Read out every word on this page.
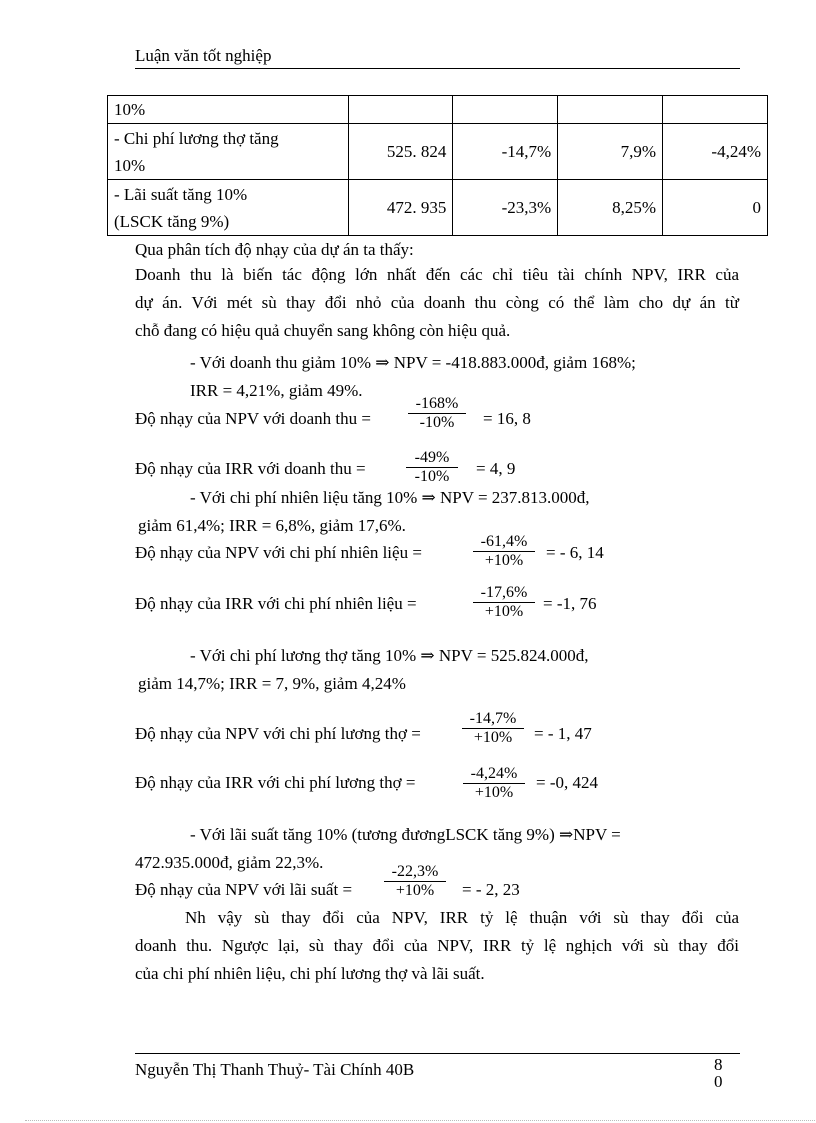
Luận văn tốt nghiệp
10%				
- Chi phí lương thợ tăng
10%	525. 824	-14,7%	7,9%	-4,24%
- Lãi suất tăng 10%
(LSCK tăng 9%)	472. 935	-23,3%	8,25%	0
Qua phân tích độ nhạy của dự án ta thấy:
Doanh thu là biến tác động lớn nhất đến các chỉ tiêu tài chính NPV, IRR của
dự án. Với mét sù thay đổi nhỏ của doanh thu còng có thể làm cho dự án từ
chỗ đang có hiệu quả chuyển sang không còn hiệu quả.
- Với doanh thu giảm 10% ⇒ NPV = -418.883.000đ, giảm 168%;
IRR = 4,21%, giảm 49%.
Độ nhạy của NPV với doanh thu =
-168%
-10%	= 16, 8
Độ nhạy của IRR với doanh thu =
-49%
-10%	= 4, 9
- Với chi phí nhiên liệu tăng 10% ⇒ NPV = 237.813.000đ,
giảm 61,4%; IRR = 6,8%, giảm 17,6%.
Độ nhạy của NPV với chi phí nhiên liệu =
-61,4%
+10%	= - 6, 14
Độ nhạy của IRR với chi phí nhiên liệu =
-17,6%
+10%	= -1, 76
- Với chi phí lương thợ tăng 10% ⇒ NPV = 525.824.000đ,
giảm 14,7%; IRR = 7, 9%, giảm 4,24%
Độ nhạy của NPV với chi phí lương thợ =
-14,7%
+10%	= - 1, 47
Độ nhạy của IRR với chi phí lương thợ =	-4,24%
+10%
= -0, 424
- Với lãi suất tăng 10% (tương đươngLSCK tăng 9%) ⇒NPV =
472.935.000đ, giảm 22,3%.
Độ nhạy của NPV với lãi suất =
-22,3%
+10%	= - 2, 23
Nh vậy sù thay đổi của NPV, IRR tỷ lệ thuận với sù thay đổi của
doanh thu. Ngược lại, sù thay đổi của NPV, IRR tỷ lệ nghịch với sù thay đổi
của chi phí nhiên liệu, chi phí lương thợ và lãi suất.
Nguyễn Thị Thanh Thuỷ- Tài Chính 40B	8
0
